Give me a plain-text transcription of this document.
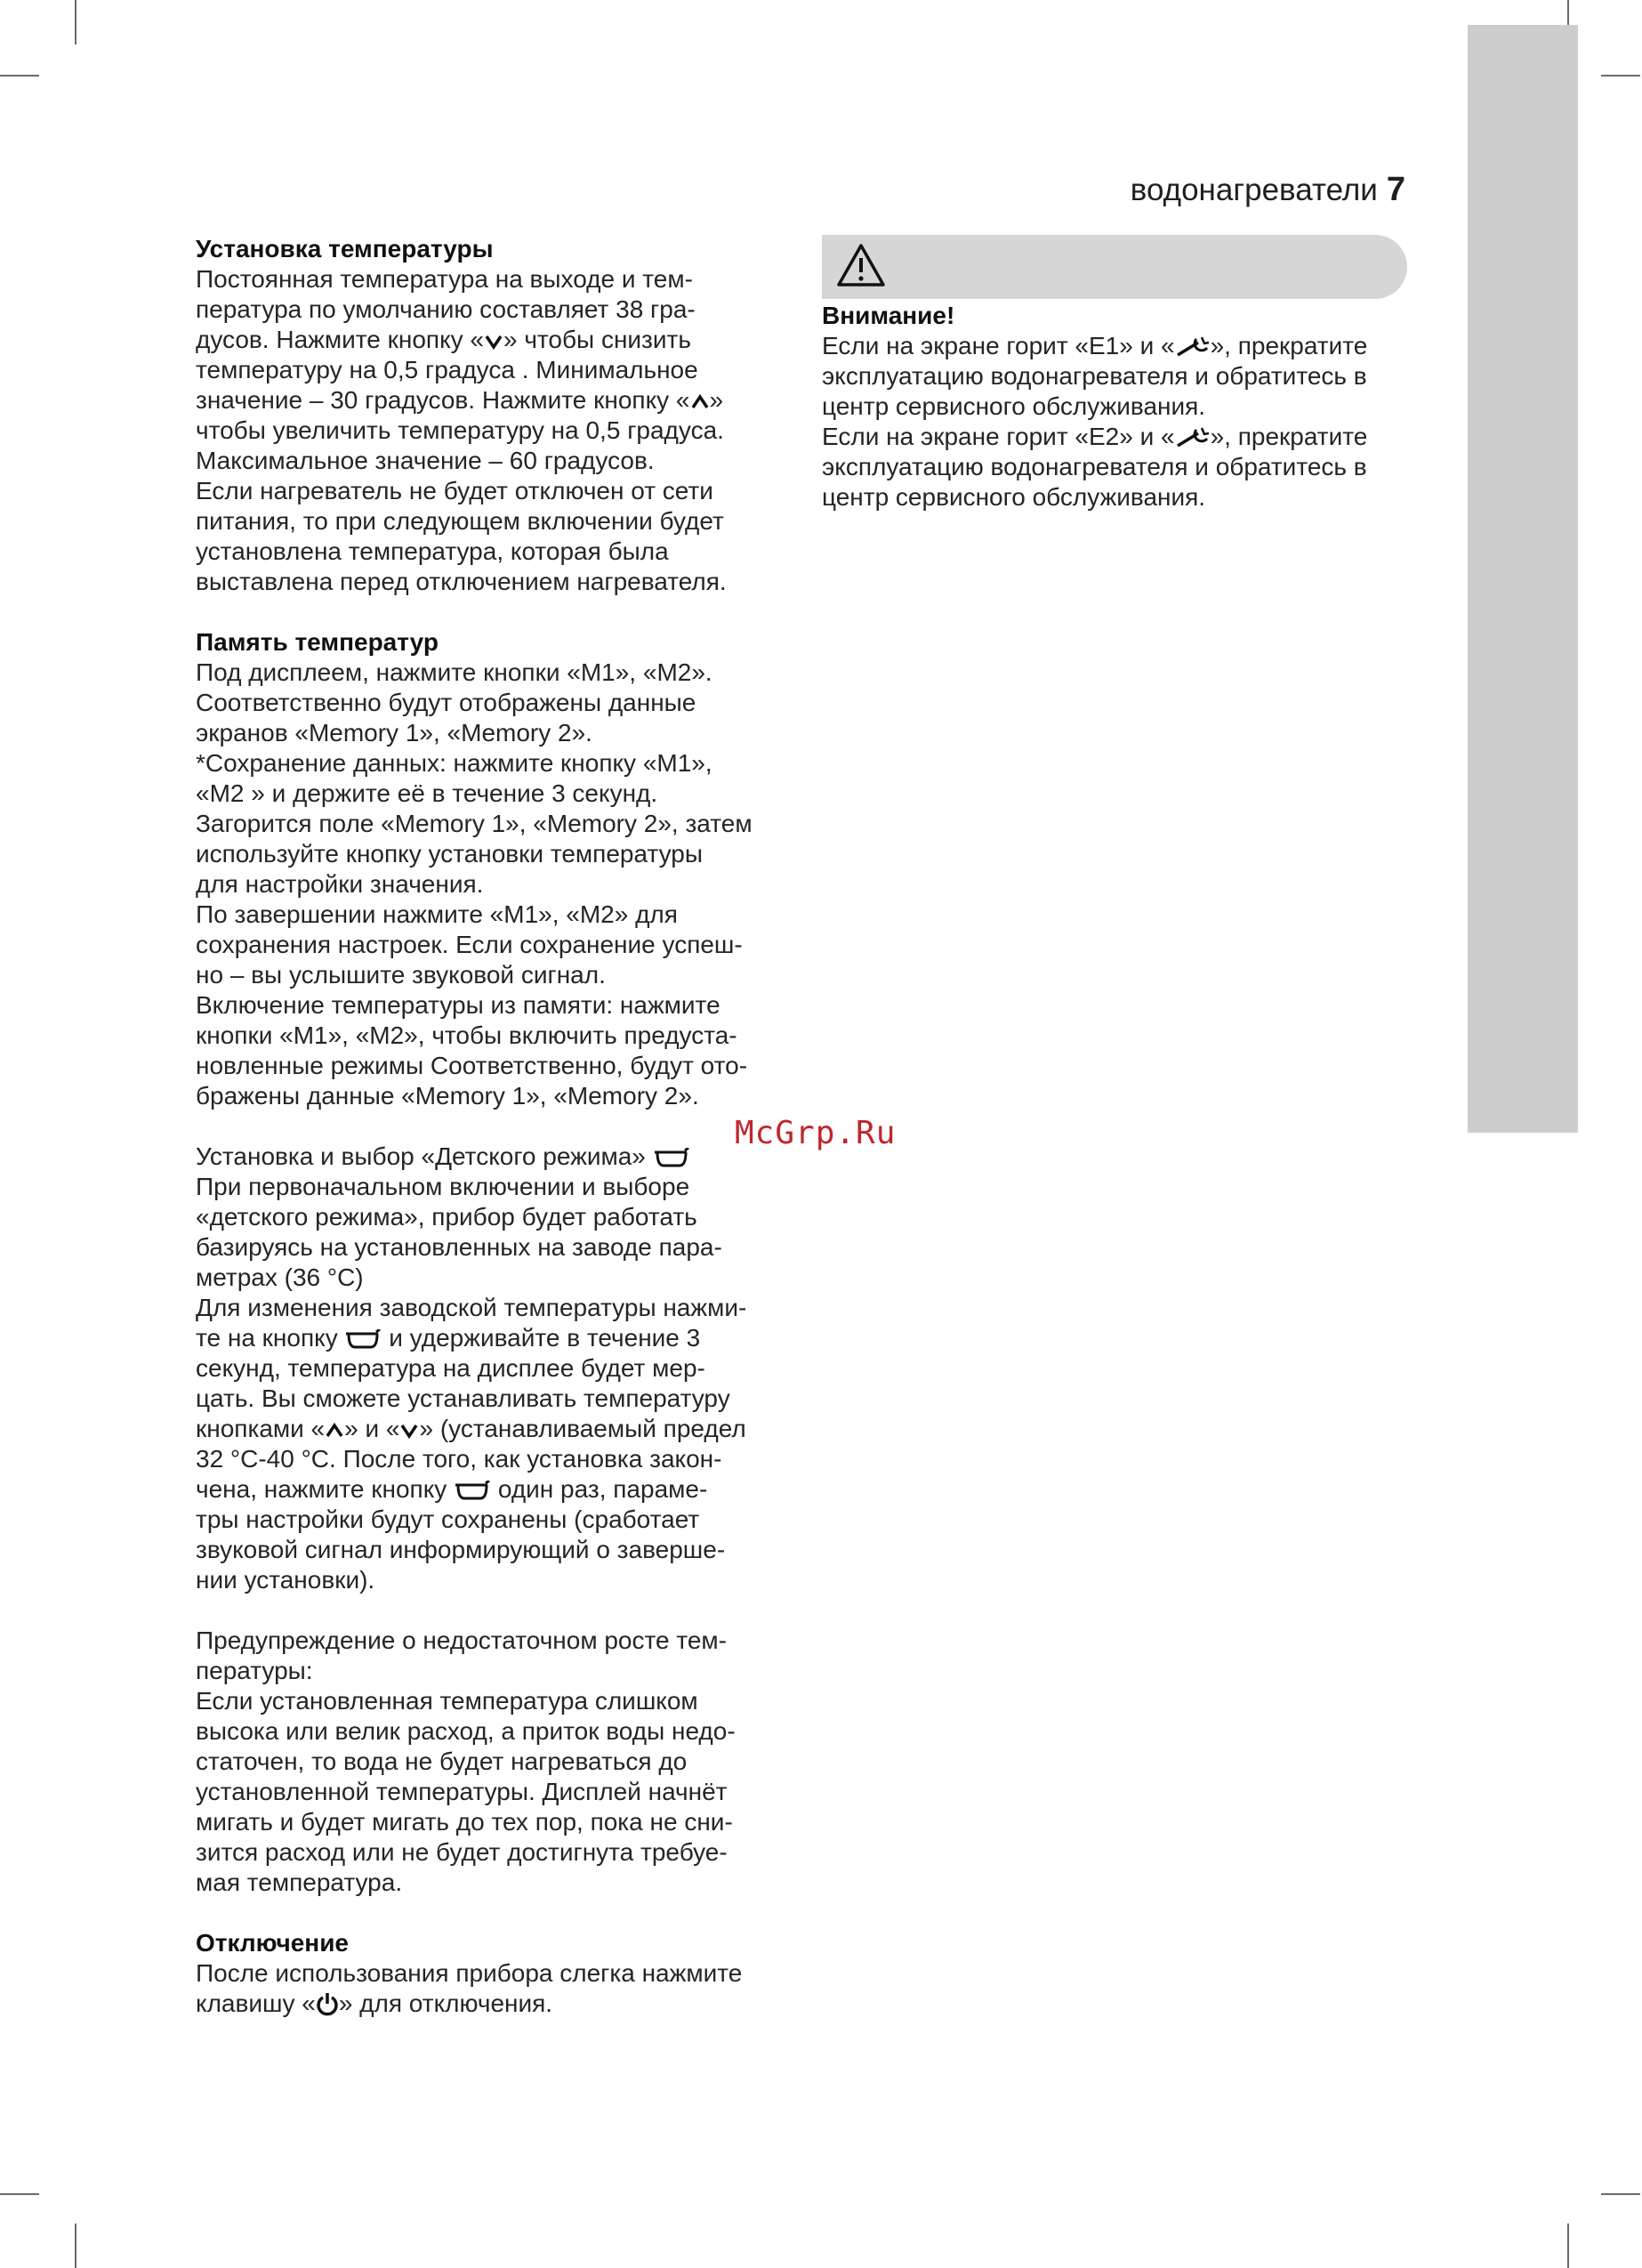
водонагреватели 7
Установка температуры
Постоянная температура на выходе и тем-
пература по умолчанию составляет 38 гра-
дусов. Нажмите кнопку « » чтобы снизить
температуру на 0,5 градуса . Минимальное
значение – 30 градусов. Нажмите кнопку « »
чтобы увеличить температуру на 0,5 градуса.
Максимальное значение – 60 градусов.
Если нагреватель не будет отключен от сети
питания, то при следующем включении будет
установлена температура, которая была
выставлена перед отключением нагревателя.
Память температур
Под дисплеем, нажмите кнопки «M1», «M2».
Соответственно будут отображены данные
экранов «Memory 1», «Memory 2».
*Сохранение данных: нажмите кнопку «M1»,
«M2 » и держите её в течение 3 секунд.
Загорится поле «Memory 1», «Memory 2», затем
используйте кнопку установки температуры
для настройки значения.
По завершении нажмите «M1», «M2» для
сохранения настроек. Если сохранение успеш-
но – вы услышите звуковой сигнал.
Включение температуры из памяти: нажмите
кнопки «M1», «M2», чтобы включить предуста-
новленные режимы Соответственно, будут ото-
бражены данные «Memory 1», «Memory 2».
Установка и выбор «Детского режима»
При первоначальном включении и выборе
«детского режима», прибор будет работать
базируясь на установленных на заводе пара-
метрах (36 °C)
Для изменения заводской температуры нажми-
те на кнопку и удерживайте в течение 3
секунд, температура на дисплее будет мер-
цать. Вы сможете устанавливать температуру
кнопками « » и « » (устанавливаемый предел
32 °C-40 °C. После того, как установка закон-
чена, нажмите кнопку один раз, параме-
тры настройки будут сохранены (сработает
звуковой сигнал информирующий о заверше-
нии установки).
Предупреждение о недостаточном росте тем-
пературы:
Если установленная температура слишком
высока или велик расход, а приток воды недо-
статочен, то вода не будет нагреваться до
установленной температуры. Дисплей начнёт
мигать и будет мигать до тех пор, пока не сни-
зится расход или не будет достигнута требуе-
мая температура.
Отключение
После использования прибора слегка нажмите
клавишу « » для отключения.
Внимание!
Если на экране горит «E1» и « », прекратите
эксплуатацию водонагревателя и обратитесь в
центр сервисного обслуживания.
Если на экране горит «E2» и « », прекратите
эксплуатацию водонагревателя и обратитесь в
центр сервисного обслуживания.
McGrp.Ru
